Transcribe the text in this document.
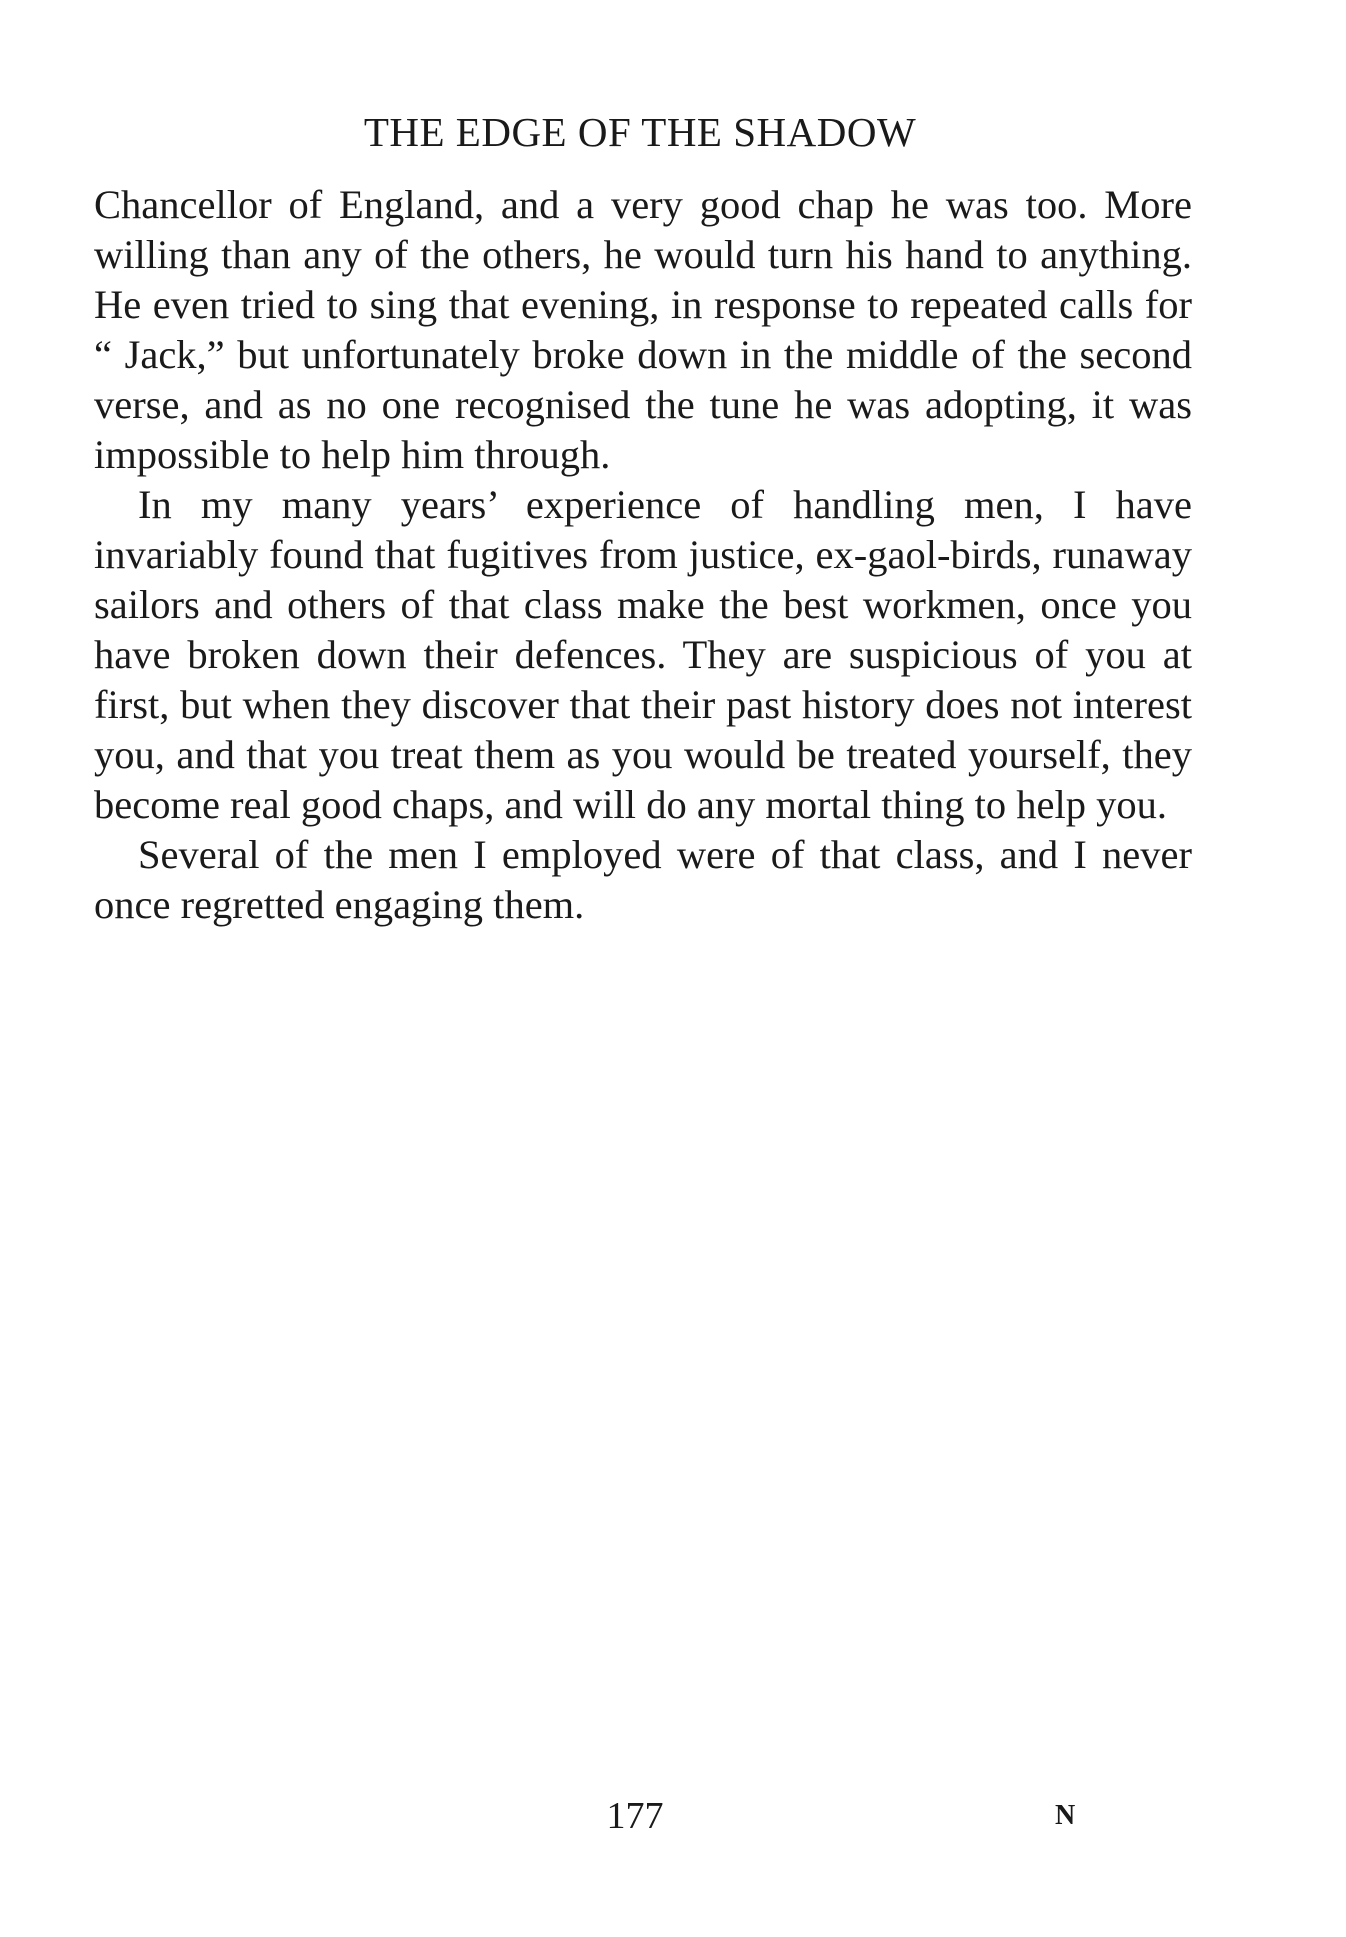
THE EDGE OF THE SHADOW

Chancellor of England, and a very good chap he was too. More willing than any of the others, he would turn his hand to anything. He even tried to sing that evening, in response to repeated calls for “ Jack,” but unfortunately broke down in the middle of the second verse, and as no one recognised the tune he was adopting, it was impossible to help him through.

In my many years’ experience of handling men, I have invariably found that fugitives from justice, ex-gaol-birds, runaway sailors and others of that class make the best workmen, once you have broken down their defences. They are suspicious of you at first, but when they discover that their past history does not interest you, and that you treat them as you would be treated yourself, they become real good chaps, and will do any mortal thing to help you.

Several of the men I employed were of that class, and I never once regretted engaging them.

177	N
